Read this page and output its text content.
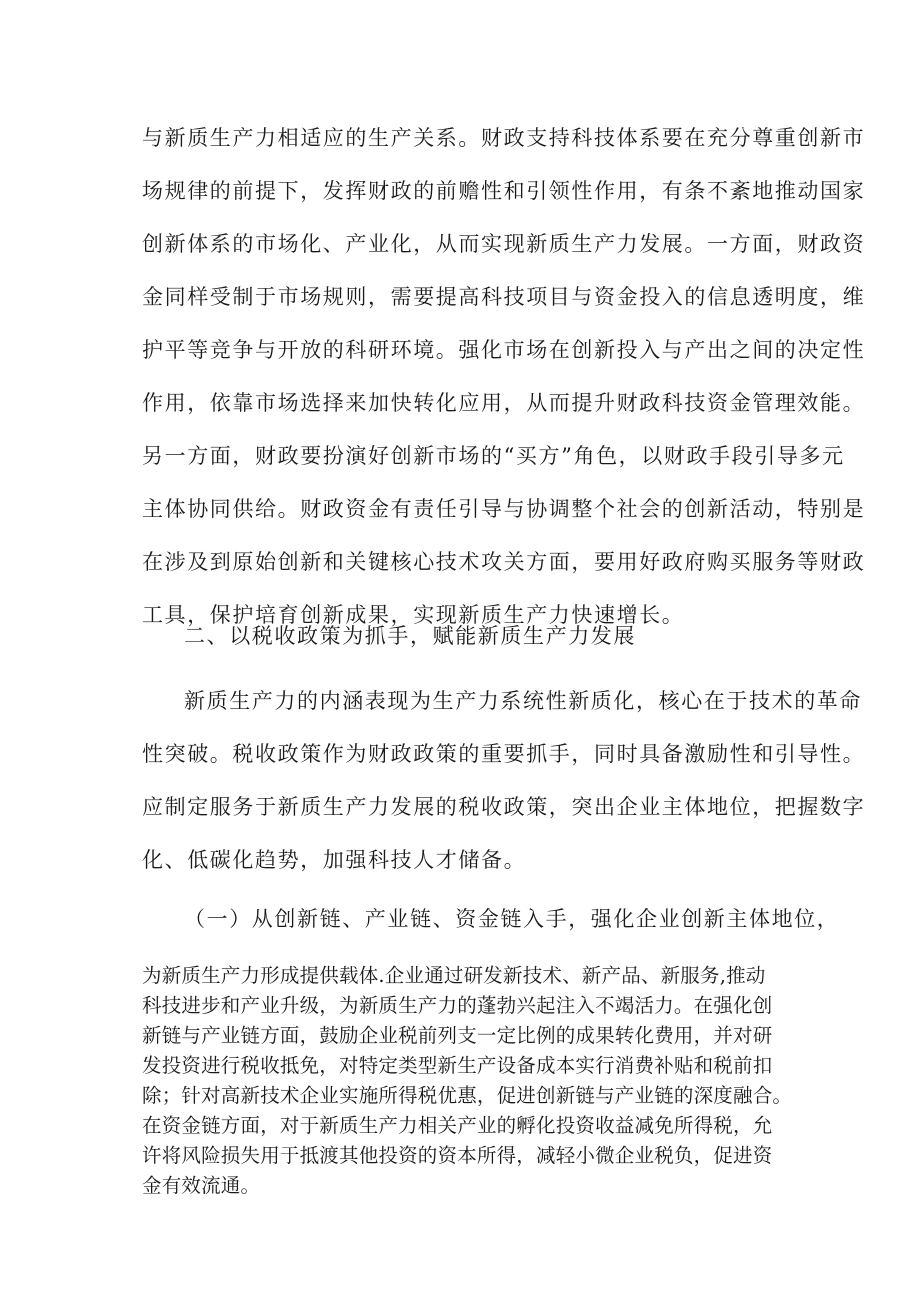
与新质生产力相适应的生产关系。财政支持科技体系要在充分尊重创新市
场规律的前提下，发挥财政的前赡性和引领性作用，有条不紊地推动国家
创新体系的市场化、产业化，从而实现新质生产力发展。一方面，财政资
金同样受制于市场规则，需要提高科技项目与资金投入的信息透明度，维
护平等竞争与开放的科研环境。强化市场在创新投入与产出之间的决定性
作用，依靠市场选择来加快转化应用，从而提升财政科技资金管理效能。
另一方面，财政要扮演好创新市场的“买方”角色，以财政手段引导多元
主体协同供给。财政资金有责任引导与协调整个社会的创新活动，特别是
在涉及到原始创新和关键核心技术攻关方面，要用好政府购买服务等财政
工具，保护培育创新成果，实现新质生产力快速增长。
二、以税收政策为抓手，赋能新质生产力发展
新质生产力的内涵表现为生产力系统性新质化，核心在于技术的革命
性突破。税收政策作为财政政策的重要抓手，同时具备激励性和引导性。
应制定服务于新质生产力发展的税收政策，突出企业主体地位，把握数字
化、低碳化趋势，加强科技人才储备。
（一）从创新链、产业链、资金链入手，强化企业创新主体地位，
为新质生产力形成提供载体.企业通过研发新技术、新产品、新服务,推动
科技进步和产业升级，为新质生产力的蓬勃兴起注入不竭活力。在强化创
新链与产业链方面，鼓励企业税前列支一定比例的成果转化费用，并对研
发投资进行税收抵免，对特定类型新生产设备成本实行消费补贴和税前扣
除；针对高新技术企业实施所得税优惠，促进创新链与产业链的深度融合。
在资金链方面，对于新质生产力相关产业的孵化投资收益减免所得税，允
许将风险损失用于抵渡其他投资的资本所得，减轻小微企业税负，促进资
金有效流通。
